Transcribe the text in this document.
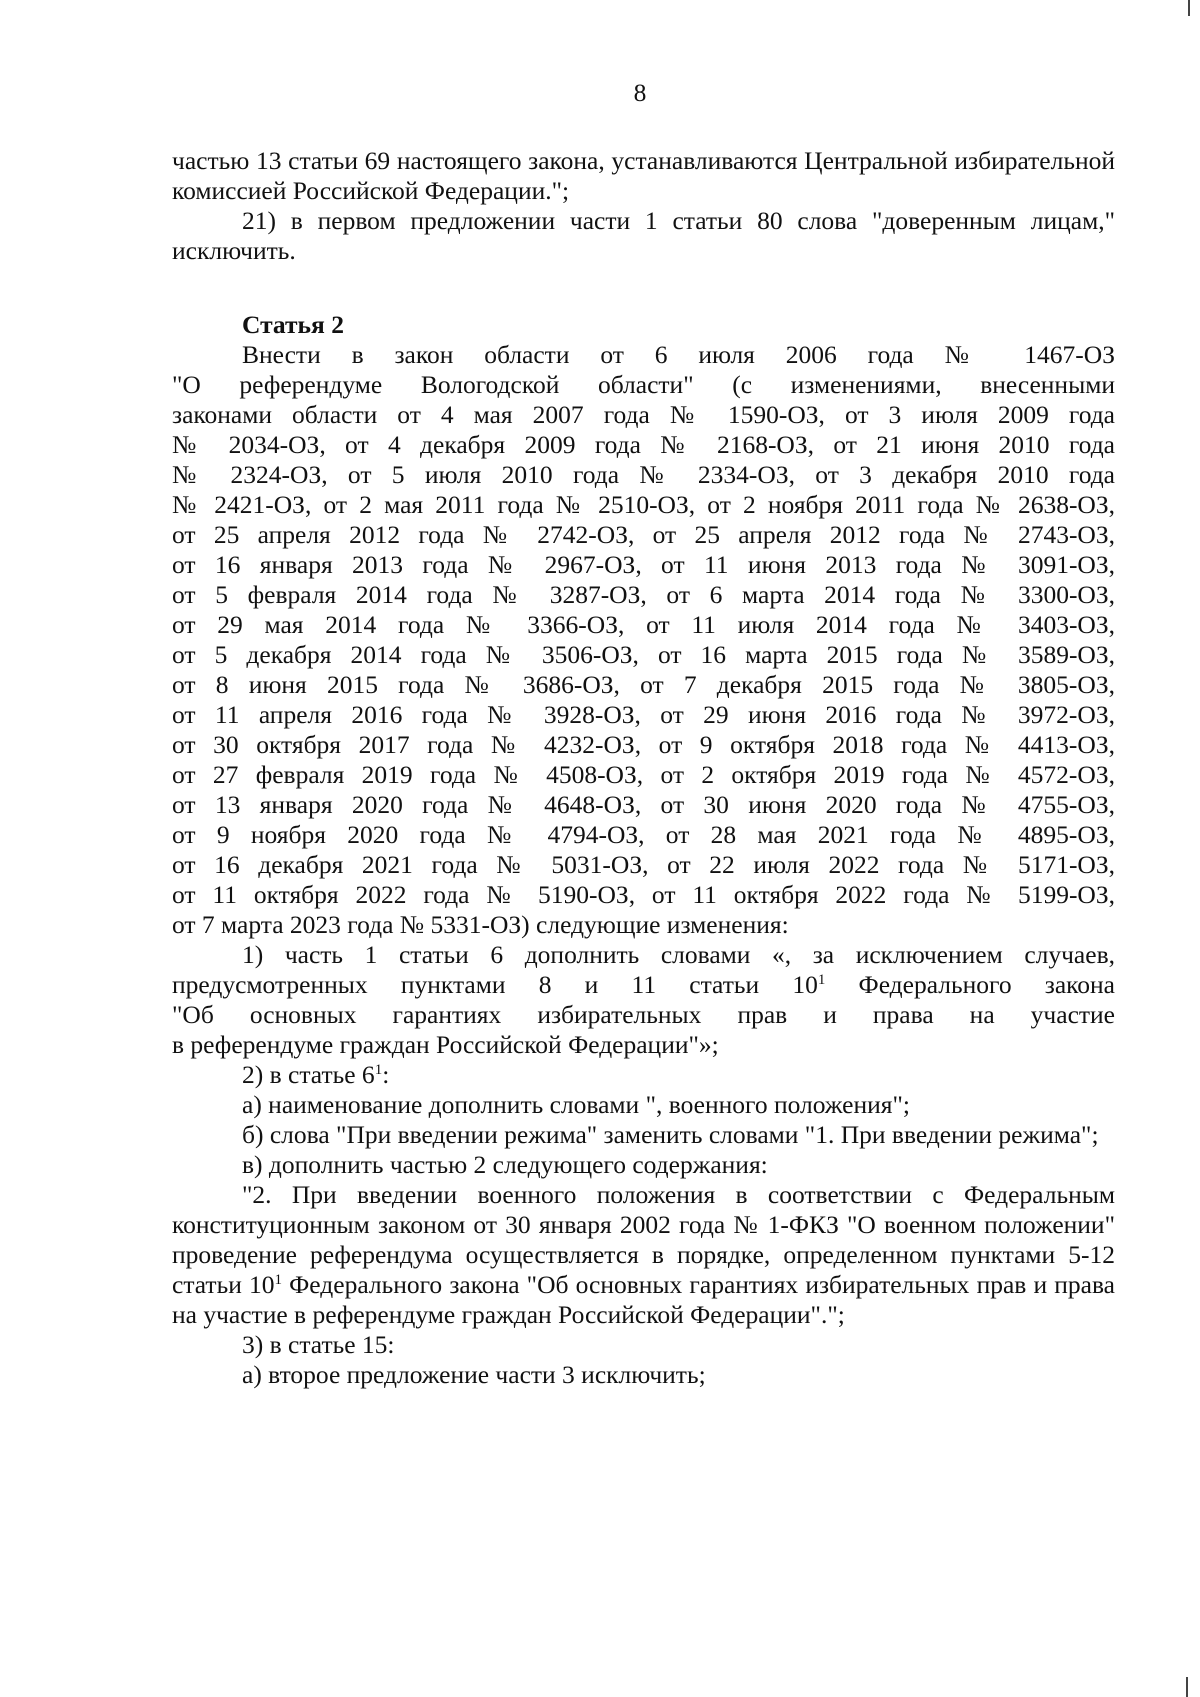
8

частью 13 статьи 69 настоящего закона, устанавливаются Центральной избирательной комиссией Российской Федерации.";

21) в первом предложении части 1 статьи 80 слова "доверенным лицам," исключить.

Статья 2

Внести в закон области от 6 июля 2006 года № 1467-ОЗ
"О референдуме Вологодской области" (с изменениями, внесенными
законами области от 4 мая 2007 года № 1590-ОЗ, от 3 июля 2009 года
№ 2034-ОЗ, от 4 декабря 2009 года № 2168-ОЗ, от 21 июня 2010 года
№ 2324-ОЗ, от 5 июля 2010 года № 2334-ОЗ, от 3 декабря 2010 года
№ 2421-ОЗ, от 2 мая 2011 года № 2510-ОЗ, от 2 ноября 2011 года № 2638-ОЗ,
от 25 апреля 2012 года № 2742-ОЗ, от 25 апреля 2012 года № 2743-ОЗ,
от 16 января 2013 года № 2967-ОЗ, от 11 июня 2013 года № 3091-ОЗ,
от 5 февраля 2014 года № 3287-ОЗ, от 6 марта 2014 года № 3300-ОЗ,
от 29 мая 2014 года № 3366-ОЗ, от 11 июля 2014 года № 3403-ОЗ,
от 5 декабря 2014 года № 3506-ОЗ, от 16 марта 2015 года № 3589-ОЗ,
от 8 июня 2015 года № 3686-ОЗ, от 7 декабря 2015 года № 3805-ОЗ,
от 11 апреля 2016 года № 3928-ОЗ, от 29 июня 2016 года № 3972-ОЗ,
от 30 октября 2017 года № 4232-ОЗ, от 9 октября 2018 года № 4413-ОЗ,
от 27 февраля 2019 года № 4508-ОЗ, от 2 октября 2019 года № 4572-ОЗ,
от 13 января 2020 года № 4648-ОЗ, от 30 июня 2020 года № 4755-ОЗ,
от 9 ноября 2020 года № 4794-ОЗ, от 28 мая 2021 года № 4895-ОЗ,
от 16 декабря 2021 года № 5031-ОЗ, от 22 июля 2022 года № 5171-ОЗ,
от 11 октября 2022 года № 5190-ОЗ, от 11 октября 2022 года № 5199-ОЗ,
от 7 марта 2023 года № 5331-ОЗ) следующие изменения:
1) часть 1 статьи 6 дополнить словами «, за исключением случаев,
предусмотренных пунктами 8 и 11 статьи $10^1$ Федерального закона
"Об основных гарантиях избирательных прав и права на участие
в референдуме граждан Российской Федерации"»;

2) в статье $6^1$:

а) наименование дополнить словами ", военного положения";

б) слова "При введении режима" заменить словами "1. При введении режима";

в) дополнить частью 2 следующего содержания:

"2. При введении военного положения в соответствии с Федеральным конституционным законом от 30 января 2002 года № 1-ФКЗ "О военном положении" проведение референдума осуществляется в порядке, определенном пунктами 5-12 статьи $10^1$ Федерального закона "Об основных гарантиях избирательных прав и права на участие в референдуме граждан Российской Федерации".";

3) в статье 15:

а) второе предложение части 3 исключить;
